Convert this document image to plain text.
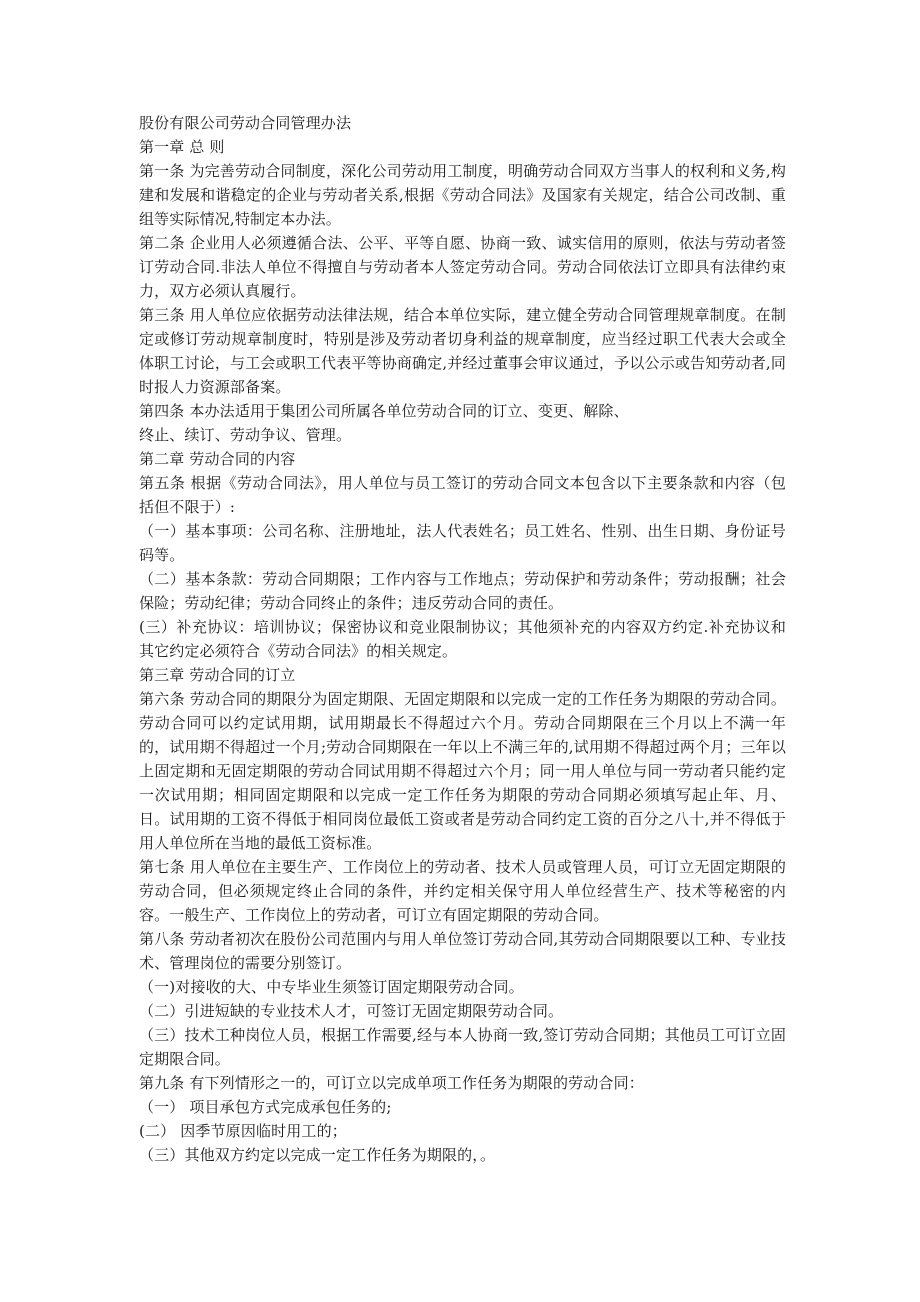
股份有限公司劳动合同管理办法
第一章 总 则
第一条 为完善劳动合同制度，深化公司劳动用工制度，明确劳动合同双方当事人的权利和义务,构建和发展和谐稳定的企业与劳动者关系,根据《劳动合同法》及国家有关规定，结合公司改制、重组等实际情况,特制定本办法。
第二条 企业用人必须遵循合法、公平、平等自愿、协商一致、诚实信用的原则，依法与劳动者签订劳动合同.非法人单位不得擅自与劳动者本人签定劳动合同。劳动合同依法订立即具有法律约束力，双方必须认真履行。
第三条 用人单位应依据劳动法律法规，结合本单位实际，建立健全劳动合同管理规章制度。在制定或修订劳动规章制度时，特别是涉及劳动者切身利益的规章制度，应当经过职工代表大会或全体职工讨论，与工会或职工代表平等协商确定,并经过董事会审议通过，予以公示或告知劳动者,同时报人力资源部备案。
第四条 本办法适用于集团公司所属各单位劳动合同的订立、变更、解除、
终止、续订、劳动争议、管理。
第二章 劳动合同的内容
第五条 根据《劳动合同法》，用人单位与员工签订的劳动合同文本包含以下主要条款和内容（包括但不限于）:
（一）基本事项：公司名称、注册地址，法人代表姓名；员工姓名、性别、出生日期、身份证号码等。
（二）基本条款：劳动合同期限；工作内容与工作地点；劳动保护和劳动条件；劳动报酬；社会保险；劳动纪律；劳动合同终止的条件；违反劳动合同的责任。
(三）补充协议：培训协议；保密协议和竞业限制协议；其他须补充的内容双方约定.补充协议和其它约定必须符合《劳动合同法》的相关规定。
第三章 劳动合同的订立
第六条 劳动合同的期限分为固定期限、无固定期限和以完成一定的工作任务为期限的劳动合同。劳动合同可以约定试用期，试用期最长不得超过六个月。劳动合同期限在三个月以上不满一年的，试用期不得超过一个月;劳动合同期限在一年以上不满三年的,试用期不得超过两个月；三年以上固定期和无固定期限的劳动合同试用期不得超过六个月；同一用人单位与同一劳动者只能约定一次试用期；相同固定期限和以完成一定工作任务为期限的劳动合同期必须填写起止年、月、日。试用期的工资不得低于相同岗位最低工资或者是劳动合同约定工资的百分之八十,并不得低于用人单位所在当地的最低工资标准。
第七条 用人单位在主要生产、工作岗位上的劳动者、技术人员或管理人员，可订立无固定期限的劳动合同，但必须规定终止合同的条件，并约定相关保守用人单位经营生产、技术等秘密的内容。一般生产、工作岗位上的劳动者，可订立有固定期限的劳动合同。
第八条 劳动者初次在股份公司范围内与用人单位签订劳动合同,其劳动合同期限要以工种、专业技术、管理岗位的需要分别签订。
（一)对接收的大、中专毕业生须签订固定期限劳动合同。
（二）引进短缺的专业技术人才，可签订无固定期限劳动合同。
（三）技术工种岗位人员，根据工作需要,经与本人协商一致,签订劳动合同期；其他员工可订立固定期限合同。
第九条 有下列情形之一的，可订立以完成单项工作任务为期限的劳动合同：
（一） 项目承包方式完成承包任务的;
(二） 因季节原因临时用工的；
（三）其他双方约定以完成一定工作任务为期限的，。
